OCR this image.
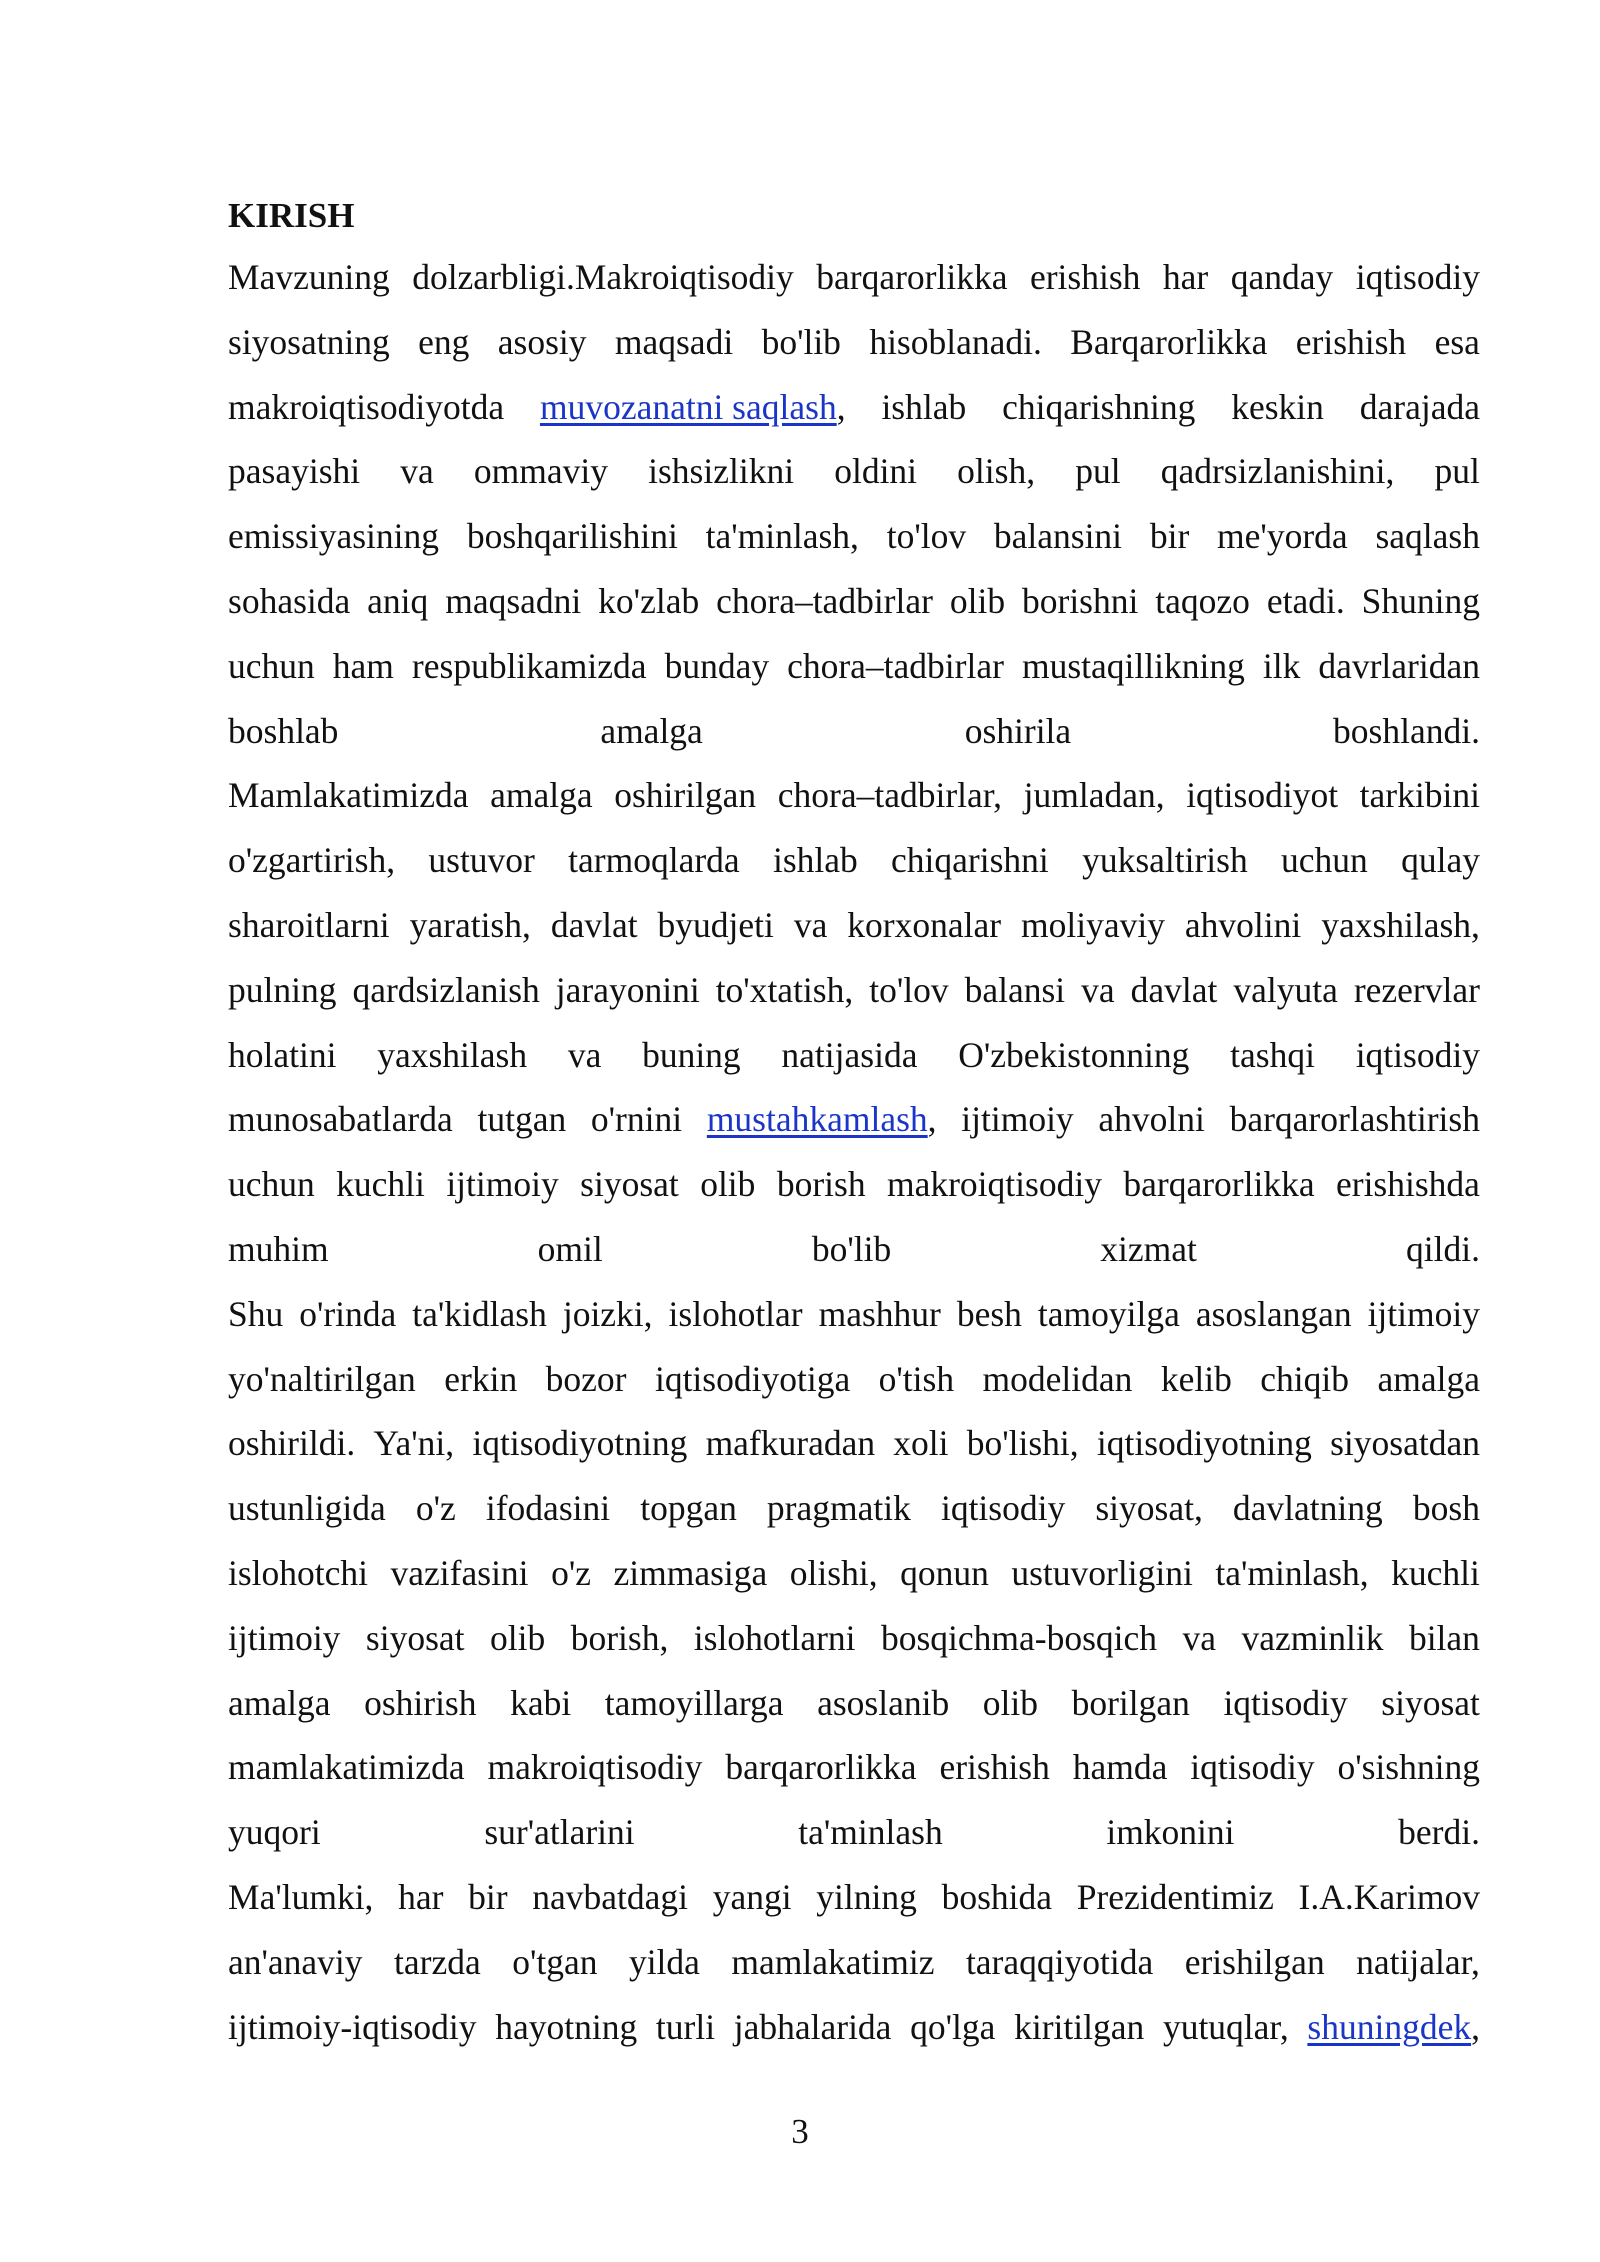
KIRISH
Mavzuning dolzarbligi.Makroiqtisodiy barqarorlikka erishish har qanday iqtisodiy
siyosatning eng asosiy maqsadi bo'lib hisoblanadi. Barqarorlikka erishish esa
makroiqtisodiyotda muvozanatni saqlash, ishlab chiqarishning keskin darajada
pasayishi va ommaviy ishsizlikni oldini olish, pul qadrsizlanishini, pul
emissiyasining boshqarilishini ta'minlash, to'lov balansini bir me'yorda saqlash
sohasida aniq maqsadni ko'zlab chora–tadbirlar olib borishni taqozo etadi. Shuning
uchun ham respublikamizda bunday chora–tadbirlar mustaqillikning ilk davrlaridan
boshlab	amalga	oshirila	boshlandi.
Mamlakatimizda amalga oshirilgan chora–tadbirlar, jumladan, iqtisodiyot tarkibini
o'zgartirish, ustuvor tarmoqlarda ishlab chiqarishni yuksaltirish uchun qulay
sharoitlarni yaratish, davlat byudjeti va korxonalar moliyaviy ahvolini yaxshilash,
pulning qardsizlanish jarayonini to'xtatish, to'lov balansi va davlat valyuta rezervlar
holatini yaxshilash va buning natijasida O'zbekistonning tashqi iqtisodiy
munosabatlarda tutgan o'rnini mustahkamlash, ijtimoiy ahvolni barqarorlashtirish
uchun kuchli ijtimoiy siyosat olib borish makroiqtisodiy barqarorlikka erishishda
muhim	omil	bo'lib	xizmat	qildi.
Shu o'rinda ta'kidlash joizki, islohotlar mashhur besh tamoyilga asoslangan ijtimoiy
yo'naltirilgan erkin bozor iqtisodiyotiga o'tish modelidan kelib chiqib amalga
oshirildi. Ya'ni, iqtisodiyotning mafkuradan xoli bo'lishi, iqtisodiyotning siyosatdan
ustunligida o'z ifodasini topgan pragmatik iqtisodiy siyosat, davlatning bosh
islohotchi vazifasini o'z zimmasiga olishi, qonun ustuvorligini ta'minlash, kuchli
ijtimoiy siyosat olib borish, islohotlarni bosqichma-bosqich va vazminlik bilan
amalga oshirish kabi tamoyillarga asoslanib olib borilgan iqtisodiy siyosat
mamlakatimizda makroiqtisodiy barqarorlikka erishish hamda iqtisodiy o'sishning
yuqori	sur'atlarini	ta'minlash	imkonini	berdi.
Ma'lumki, har bir navbatdagi yangi yilning boshida Prezidentimiz I.A.Karimov
an'anaviy tarzda o'tgan yilda mamlakatimiz taraqqiyotida erishilgan natijalar,
ijtimoiy-iqtisodiy hayotning turli jabhalarida qo'lga kiritilgan yutuqlar, shuningdek,
3
